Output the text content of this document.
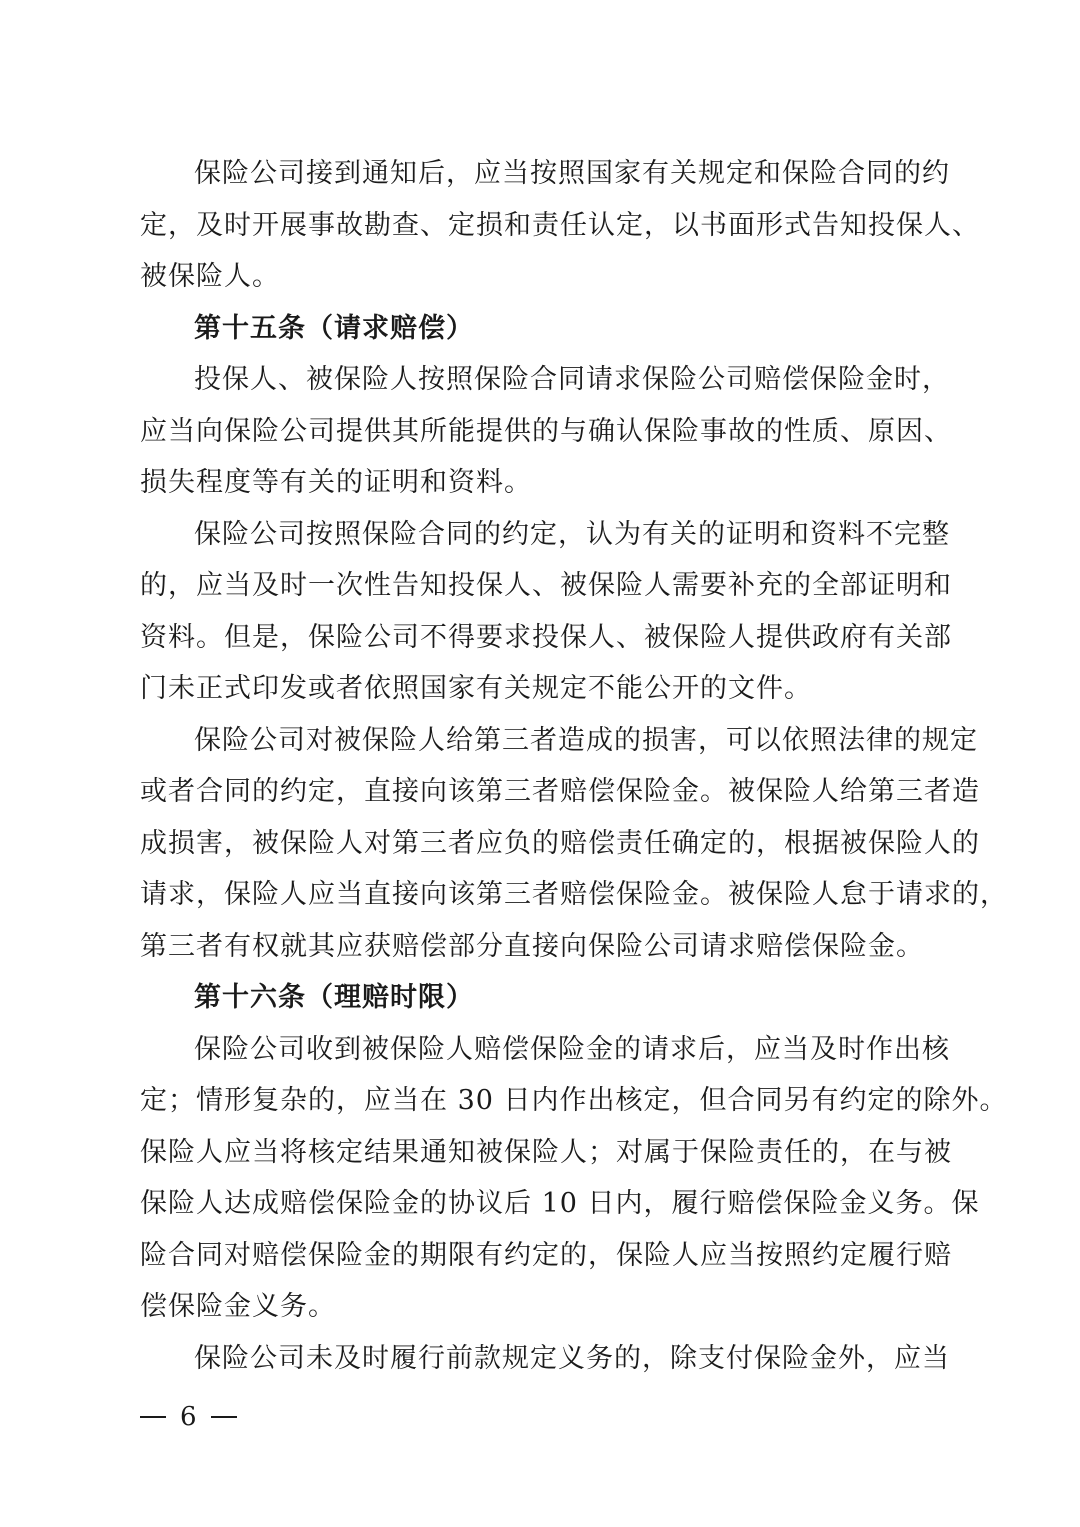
保险公司接到通知后，应当按照国家有关规定和保险合同的约
定，及时开展事故勘查、定损和责任认定，以书面形式告知投保人、
被保险人。
第十五条（请求赔偿）
投保人、被保险人按照保险合同请求保险公司赔偿保险金时，
应当向保险公司提供其所能提供的与确认保险事故的性质、原因、
损失程度等有关的证明和资料。
保险公司按照保险合同的约定，认为有关的证明和资料不完整
的，应当及时一次性告知投保人、被保险人需要补充的全部证明和
资料。但是，保险公司不得要求投保人、被保险人提供政府有关部
门未正式印发或者依照国家有关规定不能公开的文件。
保险公司对被保险人给第三者造成的损害，可以依照法律的规定
或者合同的约定，直接向该第三者赔偿保险金。被保险人给第三者造
成损害，被保险人对第三者应负的赔偿责任确定的，根据被保险人的
请求，保险人应当直接向该第三者赔偿保险金。被保险人怠于请求的，
第三者有权就其应获赔偿部分直接向保险公司请求赔偿保险金。
第十六条（理赔时限）
保险公司收到被保险人赔偿保险金的请求后，应当及时作出核
定；情形复杂的，应当在 30 日内作出核定，但合同另有约定的除外。
保险人应当将核定结果通知被保险人；对属于保险责任的，在与被
保险人达成赔偿保险金的协议后 10 日内，履行赔偿保险金义务。保
险合同对赔偿保险金的期限有约定的，保险人应当按照约定履行赔
偿保险金义务。
保险公司未及时履行前款规定义务的，除支付保险金外，应当
6
